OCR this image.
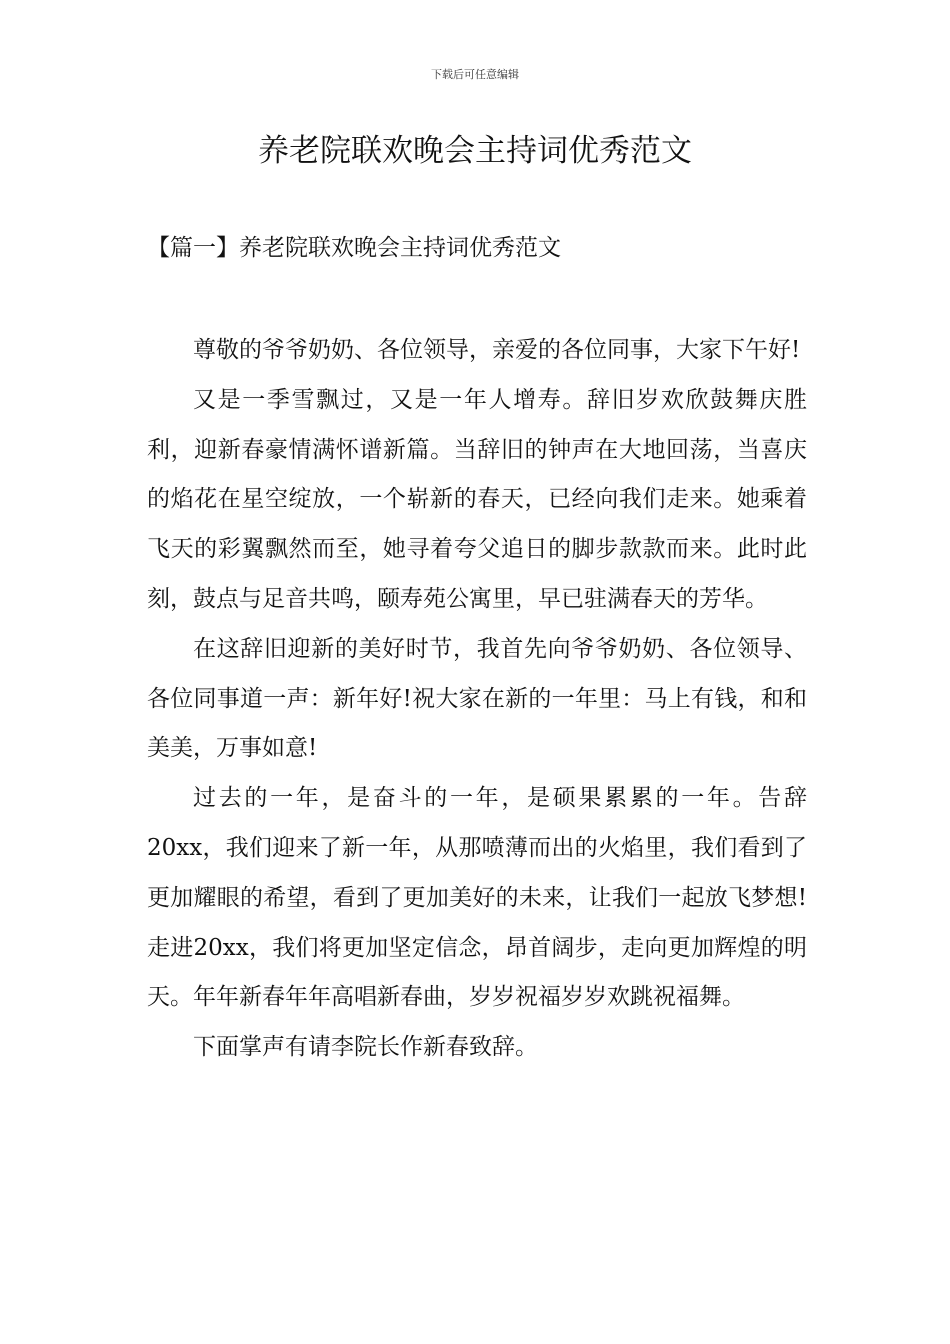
下载后可任意编辑
养老院联欢晚会主持词优秀范文
【篇一】养老院联欢晚会主持词优秀范文

尊敬的爷爷奶奶、各位领导，亲爱的各位同事，大家下午好!

又是一季雪飘过，又是一年人增寿。辞旧岁欢欣鼓舞庆胜利，迎新春豪情满怀谱新篇。当辞旧的钟声在大地回荡，当喜庆的焰花在星空绽放，一个崭新的春天，已经向我们走来。她乘着飞天的彩翼飘然而至，她寻着夸父追日的脚步款款而来。此时此刻，鼓点与足音共鸣，颐寿苑公寓里，早已驻满春天的芳华。

在这辞旧迎新的美好时节，我首先向爷爷奶奶、各位领导、各位同事道一声：新年好!祝大家在新的一年里：马上有钱，和和美美，万事如意!

过去的一年，是奋斗的一年，是硕果累累的一年。告辞20xx，我们迎来了新一年，从那喷薄而出的火焰里，我们看到了更加耀眼的希望，看到了更加美好的未来，让我们一起放飞梦想!走进20xx，我们将更加坚定信念，昂首阔步，走向更加辉煌的明天。年年新春年年高唱新春曲，岁岁祝福岁岁欢跳祝福舞。

下面掌声有请李院长作新春致辞。
